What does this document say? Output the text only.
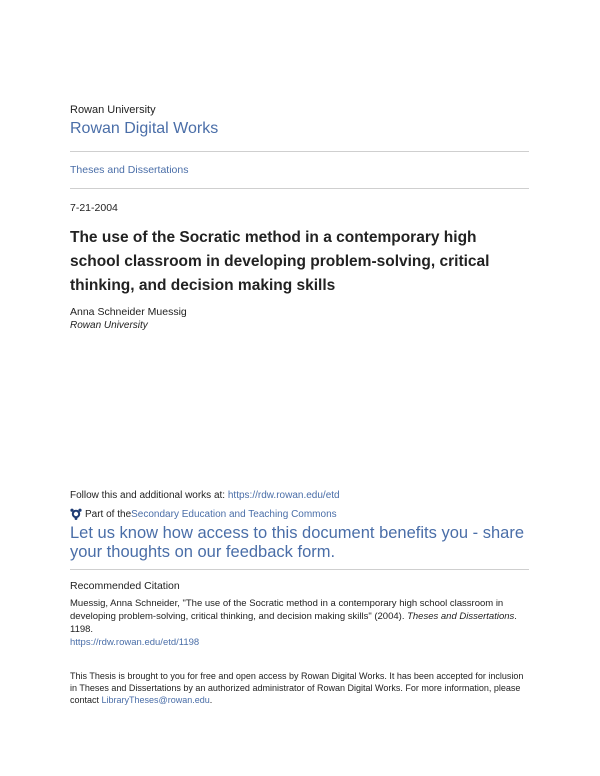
Rowan University
Rowan Digital Works
Theses and Dissertations
7-21-2004
The use of the Socratic method in a contemporary high school classroom in developing problem-solving, critical thinking, and decision making skills
Anna Schneider Muessig
Rowan University
Follow this and additional works at: https://rdw.rowan.edu/etd
Part of the Secondary Education and Teaching Commons
Let us know how access to this document benefits you - share your thoughts on our feedback form.
Recommended Citation
Muessig, Anna Schneider, "The use of the Socratic method in a contemporary high school classroom in developing problem-solving, critical thinking, and decision making skills" (2004). Theses and Dissertations. 1198.
https://rdw.rowan.edu/etd/1198
This Thesis is brought to you for free and open access by Rowan Digital Works. It has been accepted for inclusion in Theses and Dissertations by an authorized administrator of Rowan Digital Works. For more information, please contact LibraryTheses@rowan.edu.
